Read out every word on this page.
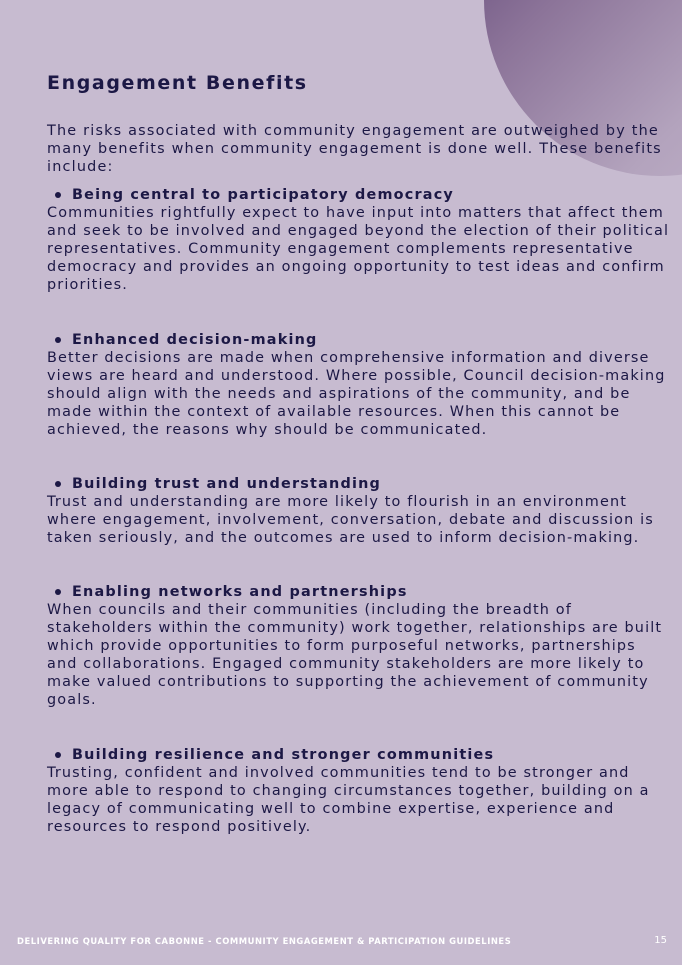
Engagement Benefits

The risks associated with community engagement are outweighed by the many benefits when community engagement is done well. These benefits include:

Being central to participatory democracy

Communities rightfully expect to have input into matters that affect them and seek to be involved and engaged beyond the election of their political representatives. Community engagement complements representative democracy and provides an ongoing opportunity to test ideas and confirm priorities.

Enhanced decision-making

Better decisions are made when comprehensive information and diverse views are heard and understood. Where possible, Council decision-making should align with the needs and aspirations of the community, and be made within the context of available resources. When this cannot be achieved, the reasons why should be communicated.

Building trust and understanding

Trust and understanding are more likely to flourish in an environment where engagement, involvement, conversation, debate and discussion is taken seriously, and the outcomes are used to inform decision-making.

Enabling networks and partnerships

When councils and their communities (including the breadth of stakeholders within the community) work together, relationships are built which provide opportunities to form purposeful networks, partnerships and collaborations. Engaged community stakeholders are more likely to make valued contributions to supporting the achievement of community goals.

Building resilience and stronger communities

Trusting, confident and involved communities tend to be stronger and more able to respond to changing circumstances together, building on a legacy of communicating well to combine expertise, experience and resources to respond positively.

DELIVERING QUALITY FOR CABONNE - COMMUNITY ENGAGEMENT & PARTICIPATION GUIDELINES	15
